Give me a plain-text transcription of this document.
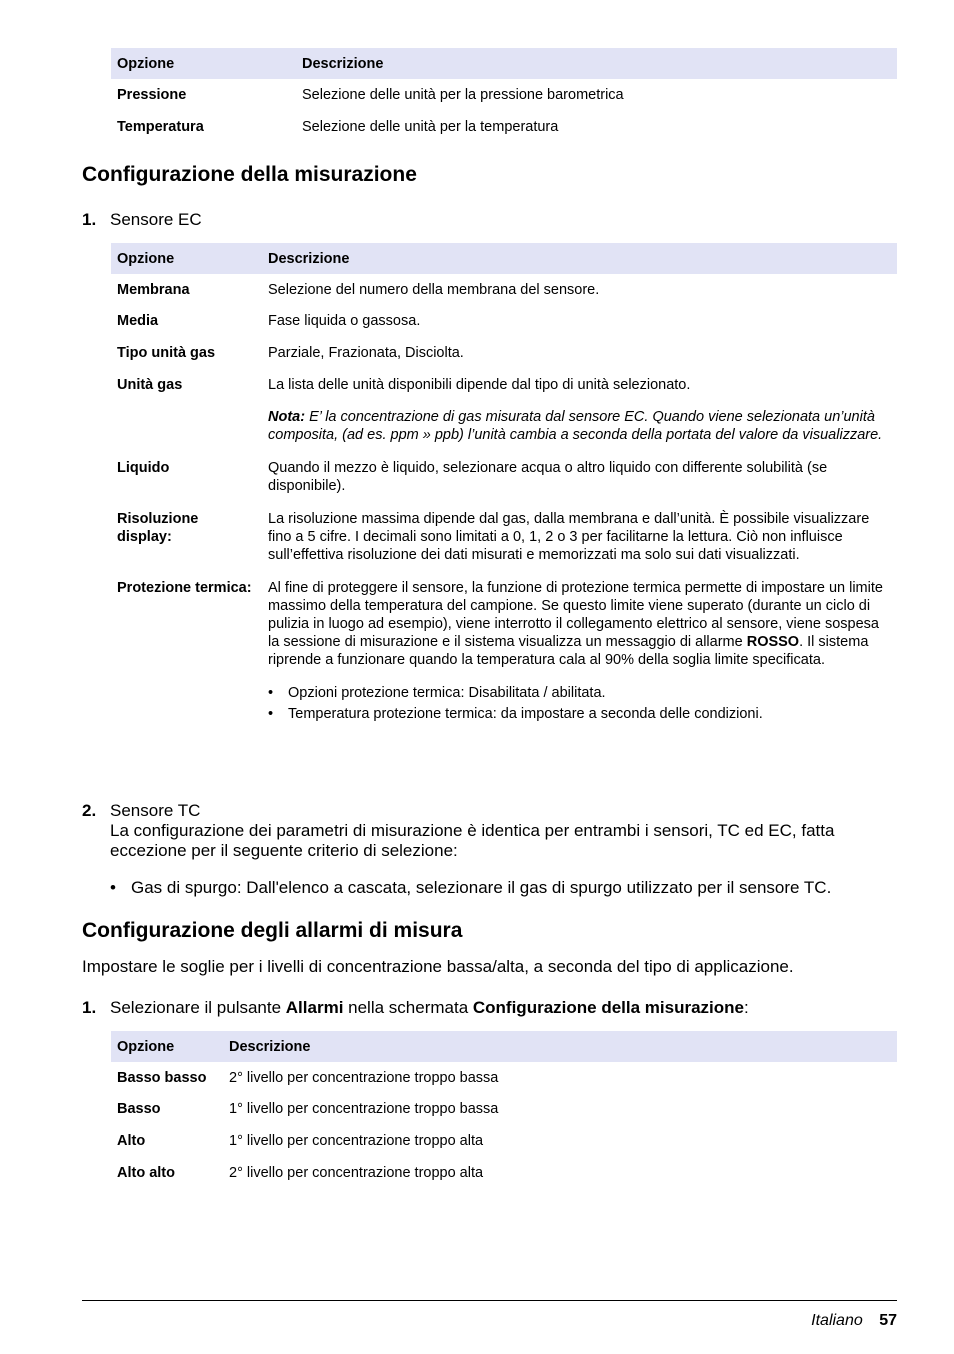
Opzione	Descrizione
Pressione	Selezione delle unità per la pressione barometrica
Temperatura	Selezione delle unità per la temperatura
Configurazione della misurazione
1. Sensore EC
Opzione	Descrizione
Membrana	Selezione del numero della membrana del sensore.
Media	Fase liquida o gassosa.
Tipo unità gas	Parziale, Frazionata, Disciolta.
Unità gas	La lista delle unità disponibili dipende dal tipo di unità selezionato.
Nota: E’ la concentrazione di gas misurata dal sensore EC. Quando viene selezionata un’unità composita, (ad es. ppm » ppb) l’unità cambia a seconda della portata del valore da visualizzare.

Liquido	Quando il mezzo è liquido, selezionare acqua o altro liquido con differente solubilità (se disponibile).
Risoluzione display:	La risoluzione massima dipende dal gas, dalla membrana e dall’unità. È possibile visualizzare fino a 5 cifre. I decimali sono limitati a 0, 1, 2 o 3 per facilitarne la lettura. Ciò non influisce sull’effettiva risoluzione dei dati misurati e memorizzati ma solo sui dati visualizzati.
Protezione termica:	Al fine di proteggere il sensore, la funzione di protezione termica permette di impostare un limite massimo della temperatura del campione. Se questo limite viene superato (durante un ciclo di pulizia in luogo ad esempio), viene interrotto il collegamento elettrico al sensore, viene sospesa la sessione di misurazione e il sistema visualizza un messaggio di allarme ROSSO. Il sistema riprende a funzionare quando la temperatura cala al 90% della soglia limite specificata.
• Opzioni protezione termica: Disabilitata / abilitata.
• Temperatura protezione termica: da impostare a seconda delle condizioni.
2. Sensore TC
La configurazione dei parametri di misurazione è identica per entrambi i sensori, TC ed EC, fatta eccezione per il seguente criterio di selezione:
• Gas di spurgo: Dall'elenco a cascata, selezionare il gas di spurgo utilizzato per il sensore TC.
Configurazione degli allarmi di misura
Impostare le soglie per i livelli di concentrazione bassa/alta, a seconda del tipo di applicazione.
1. Selezionare il pulsante Allarmi nella schermata Configurazione della misurazione:
Opzione	Descrizione
Basso basso	2° livello per concentrazione troppo bassa
Basso	1° livello per concentrazione troppo bassa
Alto	1° livello per concentrazione troppo alta
Alto alto	2° livello per concentrazione troppo alta
Italiano 57
